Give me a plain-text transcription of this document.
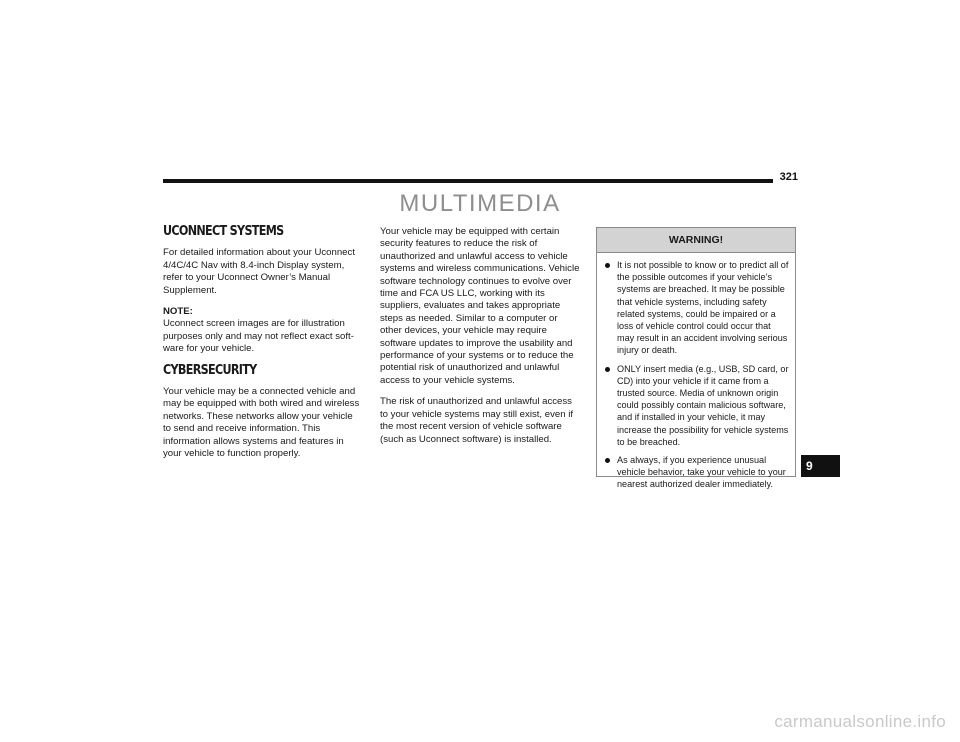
321
MULTIMEDIA
UCONNECT SYSTEMS

For detailed information about your Uconnect 4/4C/4C Nav with 8.4-inch Display system, refer to your Uconnect Owner’s Manual Supplement.

NOTE:

Uconnect screen images are for illustration purposes only and may not reflect exact soft-ware for your vehicle.

CYBERSECURITY

Your vehicle may be a connected vehicle and may be equipped with both wired and wireless networks. These networks allow your vehicle to send and receive information. This information allows systems and features in your vehicle to function properly.

Your vehicle may be equipped with certain security features to reduce the risk of unauthorized and unlawful access to vehicle systems and wireless communications. Vehicle software technology continues to evolve over time and FCA US LLC, working with its suppliers, evaluates and takes appropriate steps as needed. Similar to a computer or other devices, your vehicle may require software updates to improve the usability and performance of your systems or to reduce the potential risk of unauthorized and unlawful access to your vehicle systems.

The risk of unauthorized and unlawful access to your vehicle systems may still exist, even if the most recent version of vehicle software (such as Uconnect software) is installed.

WARNING!
It is not possible to know or to predict all of the possible outcomes if your vehicle’s systems are breached. It may be possible that vehicle systems, including safety related systems, could be impaired or a loss of vehicle control could occur that may result in an accident involving serious injury or death.
ONLY insert media (e.g., USB, SD card, or CD) into your vehicle if it came from a trusted source. Media of unknown origin could possibly contain malicious software, and if installed in your vehicle, it may increase the possibility for vehicle systems to be breached.
As always, if you experience unusual vehicle behavior, take your vehicle to your nearest authorized dealer immediately.
9
carmanualsonline.info
